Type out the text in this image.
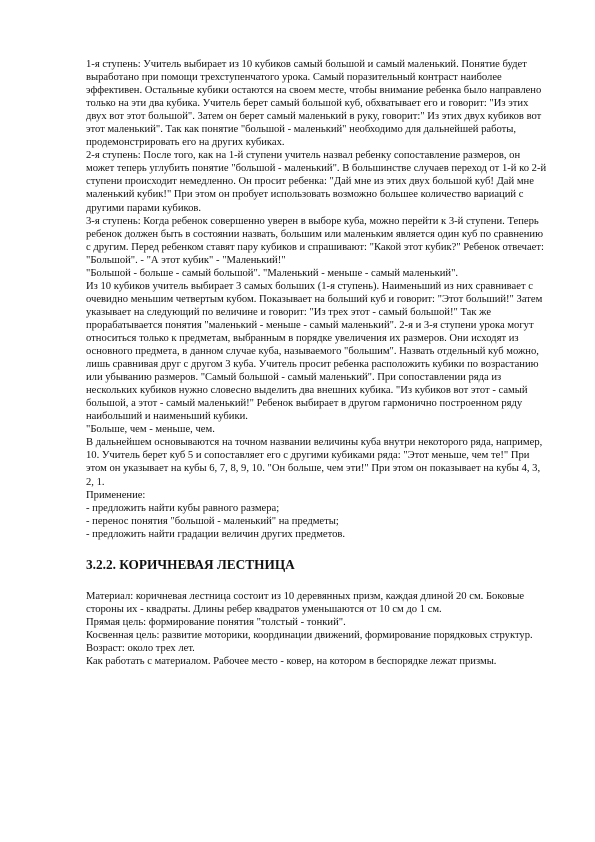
1-я ступень: Учитель выбирает из 10 кубиков самый большой и самый маленький. Понятие будет выработано при помощи трехступенчатого урока. Самый поразительный контраст наиболее эффективен. Остальные кубики остаются на своем месте, чтобы внимание ребенка было направлено только на эти два кубика. Учитель берет самый большой куб, обхватывает его и говорит: "Из этих двух вот этот большой". Затем он берет самый маленький в руку, говорит:" Из этих двух кубиков вот этот маленький". Так как понятие "большой - маленький" необходимо для дальнейшей работы, продемонстрировать его на других кубиках.

2-я ступень: После того, как на 1-й ступени учитель назвал ребенку сопоставление размеров, он может теперь углубить понятие "большой - маленький". В большинстве случаев переход от 1-й ко 2-й ступени происходит немедленно. Он просит ребенка: "Дай мне из этих двух большой куб! Дай мне маленький кубик!" При этом он пробует использовать возможно большее количество вариаций с другими парами кубиков.

3-я ступень: Когда ребенок совершенно уверен в выборе куба, можно перейти к 3-й ступени. Теперь ребенок должен быть в состоянии назвать, большим или маленьким является один куб по сравнению с другим. Перед ребенком ставят пару кубиков и спрашивают: "Какой этот кубик?" Ребенок отвечает: "Большой". - "А этот кубик" - "Маленький!"

"Большой - больше - самый большой". "Маленький - меньше - самый маленький".

Из 10 кубиков учитель выбирает 3 самых больших (1-я ступень). Наименьший из них сравнивает с очевидно меньшим четвертым кубом. Показывает на больший куб и говорит: "Этот больший!" Затем указывает на следующий по величине и говорит: "Из трех этот - самый большой!" Так же прорабатывается понятия "маленький - меньше - самый маленький". 2-я и 3-я ступени урока могут относиться только к предметам, выбранным в порядке увеличения их размеров. Они исходят из основного предмета, в данном случае куба, называемого "большим". Назвать отдельный куб можно, лишь сравнивая друг с другом 3 куба. Учитель просит ребенка расположить кубики по возрастанию или убыванию размеров. "Самый большой - самый маленький". При сопоставлении ряда из нескольких кубиков нужно словесно выделить два внешних кубика. "Из кубиков вот этот - самый большой, а этот - самый маленький!" Ребенок выбирает в другом гармонично построенном ряду наибольший и наименьший кубики.

"Больше, чем - меньше, чем.

В дальнейшем основываются на точном названии величины куба внутри некоторого ряда, например, 10. Учитель берет куб 5 и сопоставляет его с другими кубиками ряда: "Этот меньше, чем те!" При этом он указывает на кубы 6, 7, 8, 9, 10. "Он больше, чем эти!" При этом он показывает на кубы 4, 3, 2, 1.

Применение:

- предложить найти кубы равного размера;

- перенос понятия "большой - маленький" на предметы;

- предложить найти градации величин других предметов.

3.2.2. КОРИЧНЕВАЯ ЛЕСТНИЦА

Материал: коричневая лестница состоит из 10 деревянных призм, каждая длиной 20 см. Боковые стороны их - квадраты. Длины ребер квадратов уменьшаются от 10 см до 1 см.

Прямая цель: формирование понятия "толстый - тонкий".

Косвенная цель: развитие моторики, координации движений, формирование порядковых структур.

Возраст: около трех лет.

Как работать с материалом. Рабочее место - ковер, на котором в беспорядке лежат призмы.
